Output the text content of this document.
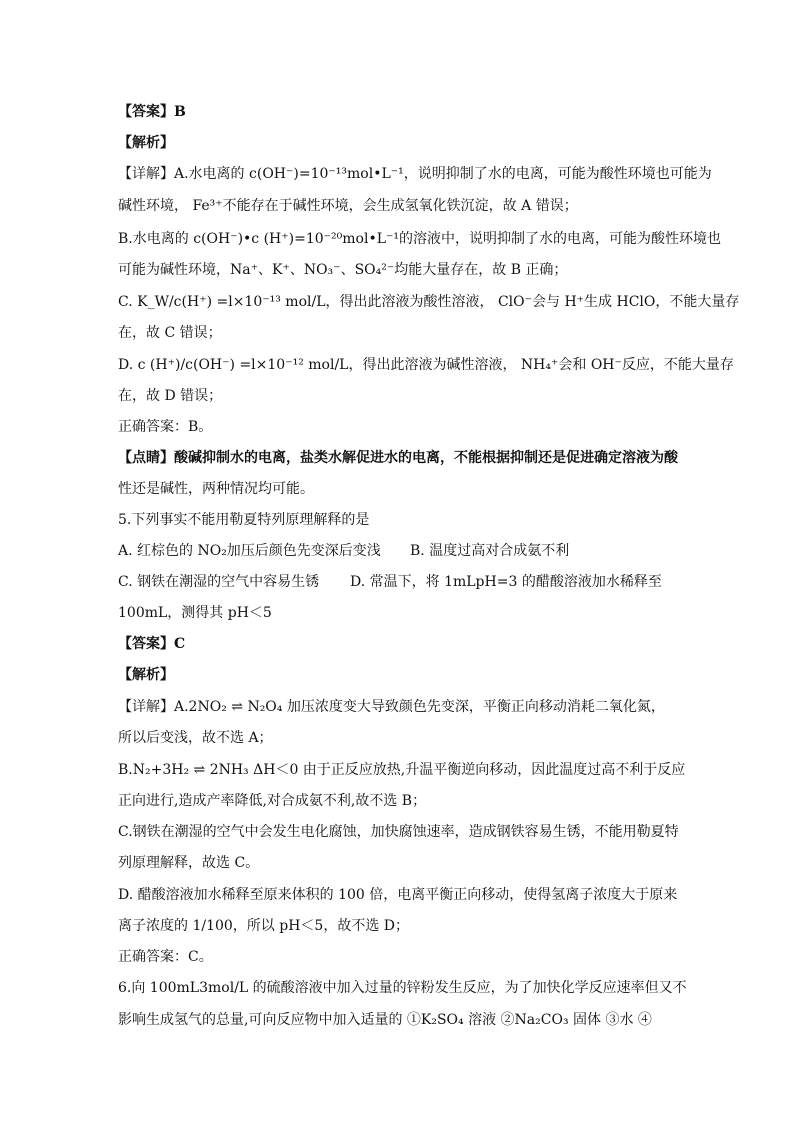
【答案】B
【解析】
【详解】A.水电离的 c(OH⁻)=10⁻¹³mol•L⁻¹，说明抑制了水的电离，可能为酸性环境也可能为
碱性环境， Fe³⁺不能存在于碱性环境，会生成氢氧化铁沉淀，故 A 错误；
B.水电离的 c(OH⁻)•c (H⁺)=10⁻²⁰mol•L⁻¹的溶液中，说明抑制了水的电离，可能为酸性环境也
可能为碱性环境，Na⁺、K⁺、NO₃⁻、SO₄²⁻均能大量存在，故 B 正确；
C. K_W/c(H⁺) =l×10⁻¹³ mol/L，得出此溶液为酸性溶液， ClO⁻会与 H⁺生成 HClO，不能大量存
在，故 C 错误；
D. c (H⁺)/c(OH⁻) =l×10⁻¹² mol/L，得出此溶液为碱性溶液， NH₄⁺会和 OH⁻反应，不能大量存
在，故 D 错误；
正确答案：B。
【点睛】酸碱抑制水的电离，盐类水解促进水的电离，不能根据抑制还是促进确定溶液为酸
性还是碱性，两种情况均可能。
5.下列事实不能用勒夏特列原理解释的是
A. 红棕色的 NO₂加压后颜色先变深后变浅 B. 温度过高对合成氨不利
C. 钢铁在潮湿的空气中容易生锈 D. 常温下，将 1mLpH=3 的醋酸溶液加水稀释至
100mL，测得其 pH＜5
【答案】C
【解析】
【详解】A.2NO₂ ⇌ N₂O₄ 加压浓度变大导致颜色先变深，平衡正向移动消耗二氧化氮，
所以后变浅，故不选 A；
B.N₂+3H₂ ⇌ 2NH₃ ΔH＜0 由于正反应放热,升温平衡逆向移动，因此温度过高不利于反应
正向进行,造成产率降低,对合成氨不利,故不选 B；
C.钢铁在潮湿的空气中会发生电化腐蚀，加快腐蚀速率，造成钢铁容易生锈，不能用勒夏特
列原理解释，故选 C。
D. 醋酸溶液加水稀释至原来体积的 100 倍，电离平衡正向移动，使得氢离子浓度大于原来
离子浓度的 1/100，所以 pH＜5，故不选 D；
正确答案：C。
6.向 100mL3mol/L 的硫酸溶液中加入过量的锌粉发生反应，为了加快化学反应速率但又不
影响生成氢气的总量,可向反应物中加入适量的 ①K₂SO₄ 溶液 ②Na₂CO₃ 固体 ③水 ④
